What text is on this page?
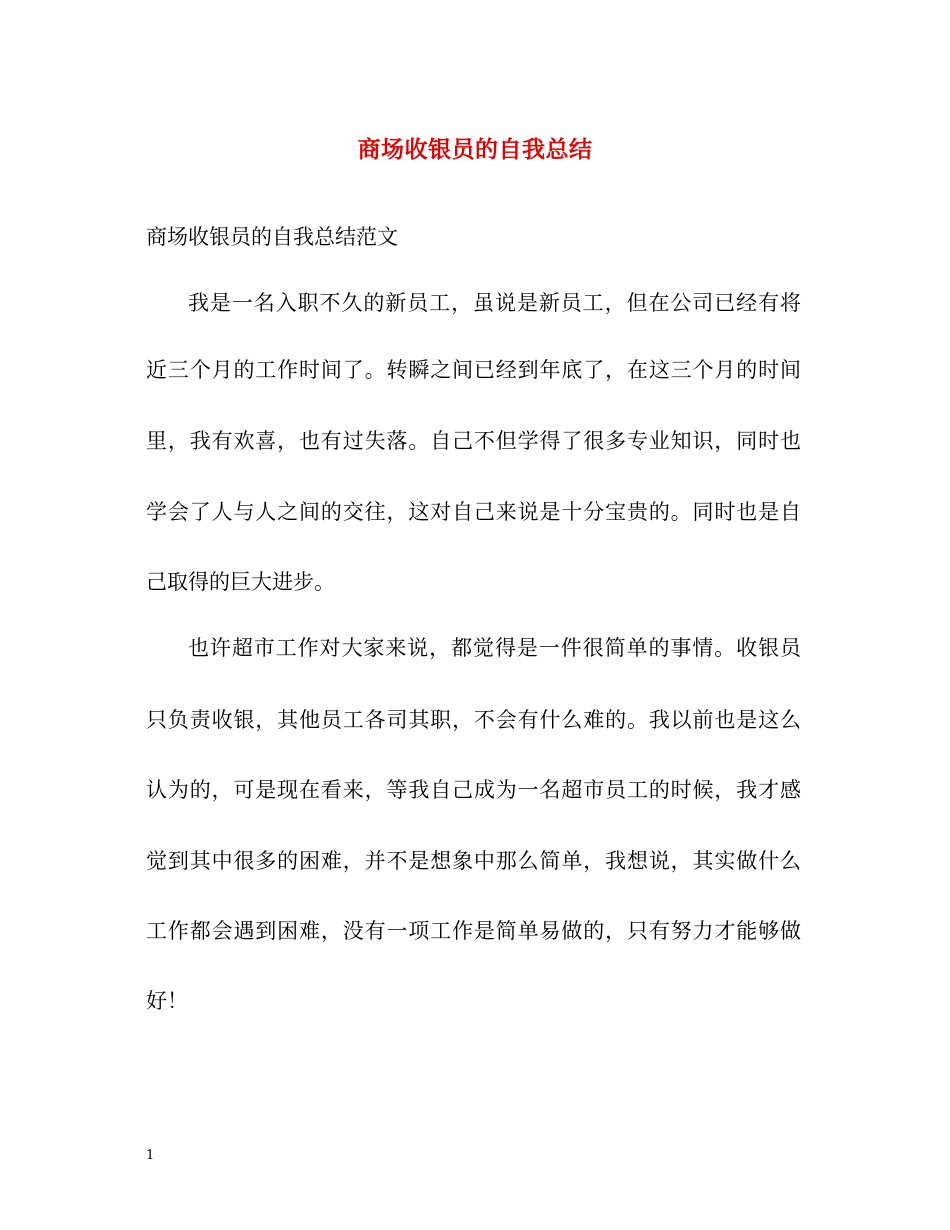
商场收银员的自我总结
商场收银员的自我总结范文
我是一名入职不久的新员工，虽说是新员工，但在公司已经有将
近三个月的工作时间了。转瞬之间已经到年底了，在这三个月的时间
里，我有欢喜，也有过失落。自己不但学得了很多专业知识，同时也
学会了人与人之间的交往，这对自己来说是十分宝贵的。同时也是自
己取得的巨大进步。
也许超市工作对大家来说，都觉得是一件很简单的事情。收银员
只负责收银，其他员工各司其职，不会有什么难的。我以前也是这么
认为的，可是现在看来，等我自己成为一名超市员工的时候，我才感
觉到其中很多的困难，并不是想象中那么简单，我想说，其实做什么
工作都会遇到困难，没有一项工作是简单易做的，只有努力才能够做
好！
1
